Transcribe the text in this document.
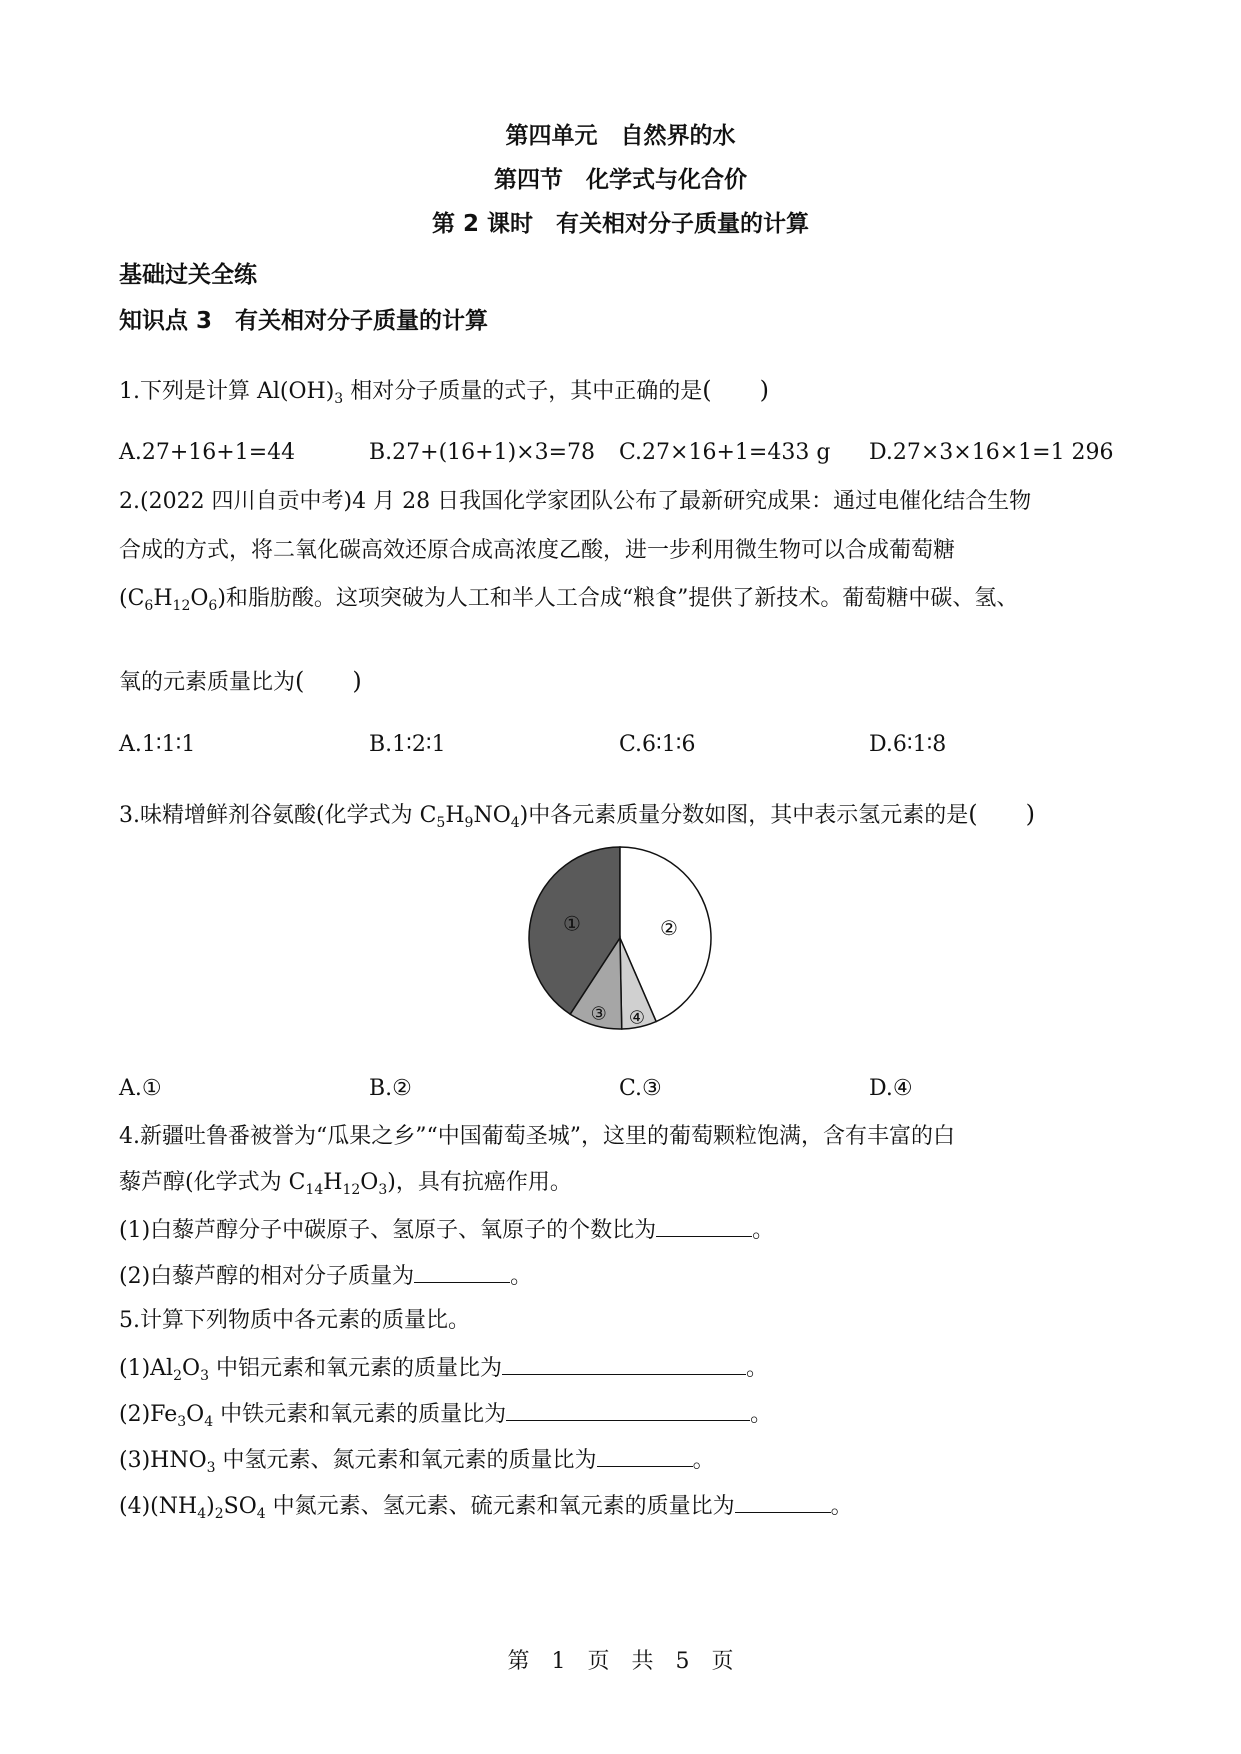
第四单元　自然界的水
第四节　化学式与化合价
第 2 课时　有关相对分子质量的计算
基础过关全练
知识点 3　有关相对分子质量的计算
1.下列是计算 $Al(OH)_3$ 相对分子质量的式子，其中正确的是(　　)
A.27+16+1=44	B.27+(16+1)×3=78 C.27×16+1=433 g D.27×3×16×1=1 296
2.(2022 四川自贡中考)4 月 28 日我国化学家团队公布了最新研究成果：通过电催化结合生物
合成的方式，将二氧化碳高效还原合成高浓度乙酸，进一步利用微生物可以合成葡萄糖
$(C_6H_{12}O_6)$和脂肪酸。这项突破为人工和半人工合成“粮食”提供了新技术。葡萄糖中碳、氢、
氧的元素质量比为(　　)
A.1∶1∶1	B.1∶2∶1	C.6∶1∶6	D.6∶1∶8
3.味精增鲜剂谷氨酸(化学式为 $C_5H_9NO_4$)中各元素质量分数如图，其中表示氢元素的是(　　)
①	②
③ ④
A.①	B.②	C.③	D.④
4.新疆吐鲁番被誉为“瓜果之乡”“中国葡萄圣城”，这里的葡萄颗粒饱满，含有丰富的白
藜芦醇(化学式为 $C_{14}H_{12}O_3$)，具有抗癌作用。
(1)白藜芦醇分子中碳原子、氢原子、氧原子的个数比为	。
(2)白藜芦醇的相对分子质量为	。
5.计算下列物质中各元素的质量比。
$(1)Al_2O_3$ 中铝元素和氧元素的质量比为	。
$(2)Fe_3O_4$ 中铁元素和氧元素的质量比为	。
$(3)HNO_3$ 中氢元素、氮元素和氧元素的质量比为	。
$(4)(NH_4)_2SO_4$ 中氮元素、氢元素、硫元素和氧元素的质量比为	。
第　1　页　共　5　页
